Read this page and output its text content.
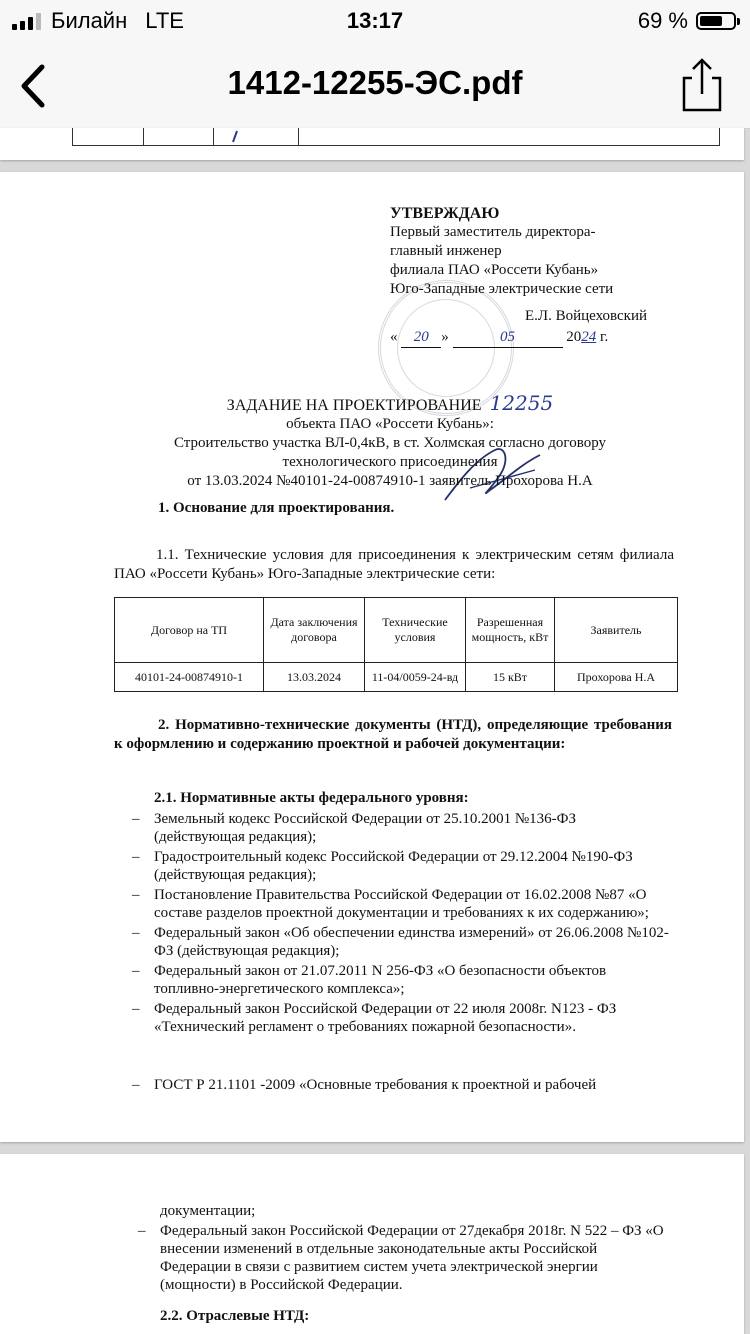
Билайн LTE	13:17	69 %
1412-12255-ЭС.pdf
УТВЕРЖДАЮ
Первый заместитель директора-
главный инженер
филиала ПАО «Россети Кубань»
Юго-Западные электрические сети
Е.Л. Войцеховский
« 20 »	05	2024 г.
ЗАДАНИЕ НА ПРОЕКТИРОВАНИЕ 12255
объекта ПАО «Россети Кубань»:
Строительство участка ВЛ-0,4кВ, в ст. Холмская согласно договору
технологического присоединения
от 13.03.2024 №40101-24-00874910-1 заявитель Прохорова Н.А
1. Основание для проектирования.
1.1. Технические условия для присоединения к электрическим сетям филиала ПАО «Россети Кубань» Юго-Западные электрические сети:
Договор на ТП	Дата заключения договора	Технические условия	Разрешенная мощность, кВт	Заявитель
40101-24-00874910-1	13.03.2024	11-04/0059-24-вд	15 кВт	Прохорова Н.А
2. Нормативно-технические документы (НТД), определяющие требования к оформлению и содержанию проектной и рабочей документации:
2.1. Нормативные акты федерального уровня:
– Земельный кодекс Российской Федерации от 25.10.2001 №136-ФЗ (действующая редакция);
– Градостроительный кодекс Российской Федерации от 29.12.2004 №190-ФЗ (действующая редакция);
– Постановление Правительства Российской Федерации от 16.02.2008 №87 «О составе разделов проектной документации и требованиях к их содержанию»;
– Федеральный закон «Об обеспечении единства измерений» от 26.06.2008 №102-ФЗ (действующая редакция);
– Федеральный закон от 21.07.2011 N 256-ФЗ «О безопасности объектов топливно-энергетического комплекса»;
– Федеральный закон Российской Федерации от 22 июля 2008г. N123 - ФЗ «Технический регламент о требованиях пожарной безопасности».
– ГОСТ Р 21.1101 -2009 «Основные требования к проектной и рабочей
документации;
– Федеральный закон Российской Федерации от 27декабря 2018г. N 522 – ФЗ «О внесении изменений в отдельные законодательные акты Российской Федерации в связи с развитием систем учета электрической энергии (мощности) в Российской Федерации.
2.2. Отраслевые НТД:
